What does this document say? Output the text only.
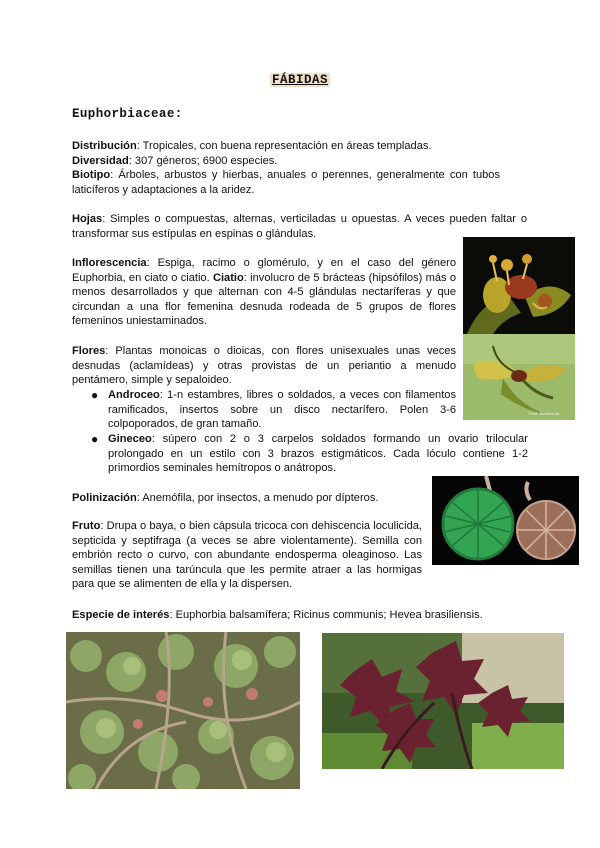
FÁBIDAS
Euphorbiaceae:
Distribución: Tropicales, con buena representación en áreas templadas.
Diversidad: 307 géneros; 6900 especies.
Biotipo: Árboles, arbustos y hierbas, anuales o perennes, generalmente con tubos laticíferos y adaptaciones a la aridez.
Hojas: Simples o compuestas, alternas, verticiladas u opuestas. A veces pueden faltar o transformar sus estípulas en espinas o glándulas.
Inflorescencia: Espiga, racimo o glomérulo, y en el caso del género Euphorbia, en ciato o ciatio. Ciatio: involucro de 5 brácteas (hipsófilos) más o menos desarrollados y que alternan con 4-5 glándulas nectaríferas y que circundan a una flor femenina desnuda rodeada de 5 grupos de flores femeninos uniestaminados.
Flores: Plantas monoicas o dioicas, con flores unisexuales unas veces desnudas (aclamídeas) y otras provistas de un periantio a menudo pentámero, simple y sepaloideo.
● Androceo: 1-n estambres, libres o soldados, a veces con filamentos ramificados, insertos sobre un disco nectarífero. Polen 3-6 colpoporados, de gran tamaño.
● Gineceo: súpero con 2 o 3 carpelos soldados formando un ovario trilocular prolongado en un estilo con 3 brazos estigmáticos. Cada lóculo contiene 1-2 primordios seminales hemítropos o anátropos.
Polinización: Anemófila, por insectos, a menudo por dípteros.
Fruto: Drupa o baya, o bien cápsula tricoca con dehiscencia loculicida, septicida y septifraga (a veces se abre violentamente). Semilla con embrión recto o curvo, con abundante endosperma oleaginoso. Las semillas tienen una tarúncula que les permite atraer a las hormigas para que se alimenten de ella y la dispersen.
Especie de interés: Euphorbia balsamífera; Ricinus communis; Hevea brasiliensis.
Phot. Bobfeck.de
